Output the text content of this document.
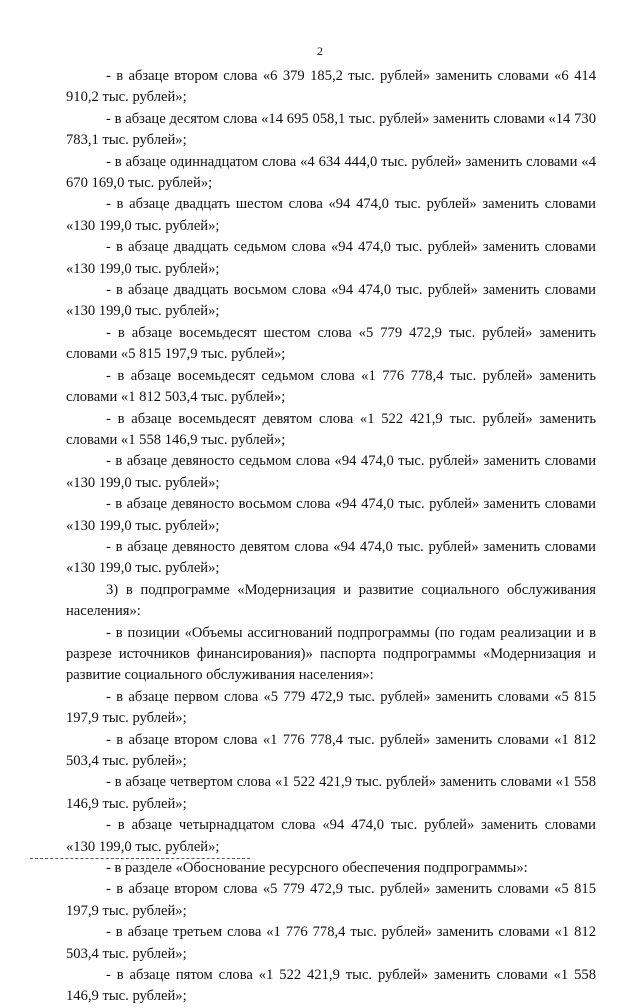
2

- в абзаце втором слова «6 379 185,2 тыс. рублей» заменить словами «6 414 910,2 тыс. рублей»;

- в абзаце десятом слова «14 695 058,1 тыс. рублей» заменить словами «14 730 783,1 тыс. рублей»;

- в абзаце одиннадцатом слова «4 634 444,0 тыс. рублей» заменить словами «4 670 169,0 тыс. рублей»;

- в абзаце двадцать шестом слова «94 474,0 тыс. рублей» заменить словами «130 199,0 тыс. рублей»;

- в абзаце двадцать седьмом слова «94 474,0 тыс. рублей» заменить словами «130 199,0 тыс. рублей»;

- в абзаце двадцать восьмом слова «94 474,0 тыс. рублей» заменить словами «130 199,0 тыс. рублей»;

- в абзаце восемьдесят шестом слова «5 779 472,9 тыс. рублей» заменить словами «5 815 197,9 тыс. рублей»;

- в абзаце восемьдесят седьмом слова «1 776 778,4 тыс. рублей» заменить словами «1 812 503,4 тыс. рублей»;

- в абзаце восемьдесят девятом слова «1 522 421,9 тыс. рублей» заменить словами «1 558 146,9 тыс. рублей»;

- в абзаце девяносто седьмом слова «94 474,0 тыс. рублей» заменить словами «130 199,0 тыс. рублей»;

- в абзаце девяносто восьмом слова «94 474,0 тыс. рублей» заменить словами «130 199,0 тыс. рублей»;

- в абзаце девяносто девятом слова «94 474,0 тыс. рублей» заменить словами «130 199,0 тыс. рублей»;

3) в подпрограмме «Модернизация и развитие социального обслуживания населения»:

- в позиции «Объемы ассигнований подпрограммы (по годам реализации и в разрезе источников финансирования)» паспорта подпрограммы «Модернизация и развитие социального обслуживания населения»:

- в абзаце первом слова «5 779 472,9 тыс. рублей» заменить словами «5 815 197,9 тыс. рублей»;

- в абзаце втором слова «1 776 778,4 тыс. рублей» заменить словами «1 812 503,4 тыс. рублей»;

- в абзаце четвертом слова «1 522 421,9 тыс. рублей» заменить словами «1 558 146,9 тыс. рублей»;

- в абзаце четырнадцатом слова «94 474,0 тыс. рублей» заменить словами «130 199,0 тыс. рублей»;

- в разделе «Обоснование ресурсного обеспечения подпрограммы»:

- в абзаце втором слова «5 779 472,9 тыс. рублей» заменить словами «5 815 197,9 тыс. рублей»;

- в абзаце третьем слова «1 776 778,4 тыс. рублей» заменить словами «1 812 503,4 тыс. рублей»;

- в абзаце пятом слова «1 522 421,9 тыс. рублей» заменить словами «1 558 146,9 тыс. рублей»;
